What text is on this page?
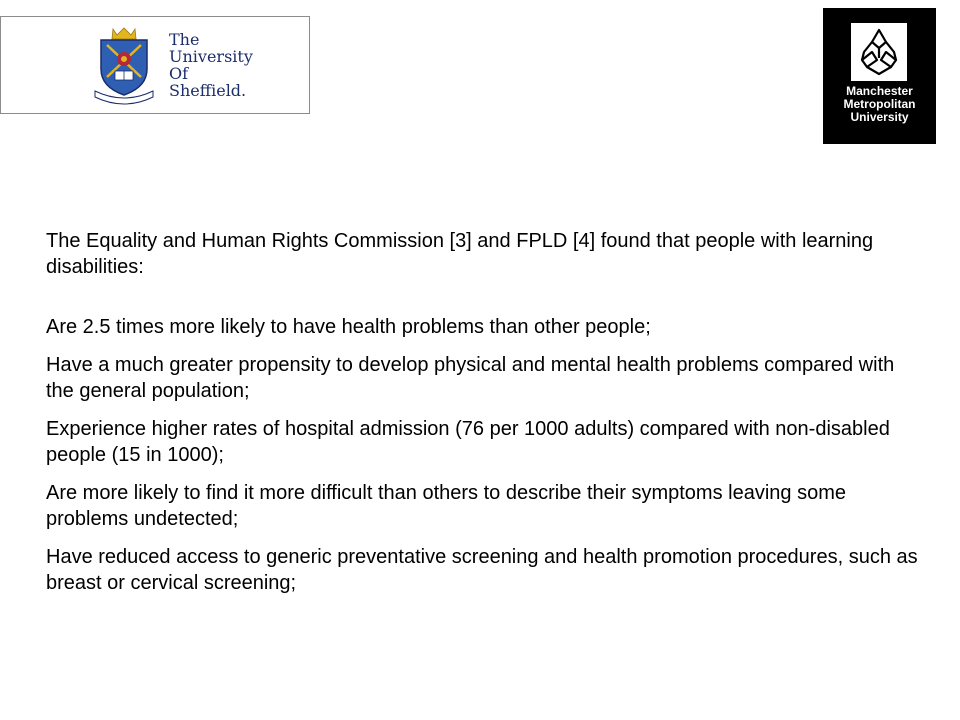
The
University
Of
Sheffield.	Manchester
Metropolitan
University

The Equality and Human Rights Commission [3] and FPLD [4] found that people with learning disabilities:

Are 2.5 times more likely to have health problems than other people;
Have a much greater propensity to develop physical and mental health problems compared with the general population;
Experience higher rates of hospital admission (76 per 1000 adults) compared with non-disabled people (15 in 1000);
Are more likely to find it more difficult than others to describe their symptoms leaving some problems undetected;
Have reduced access to generic preventative screening and health promotion procedures, such as breast or cervical screening;
